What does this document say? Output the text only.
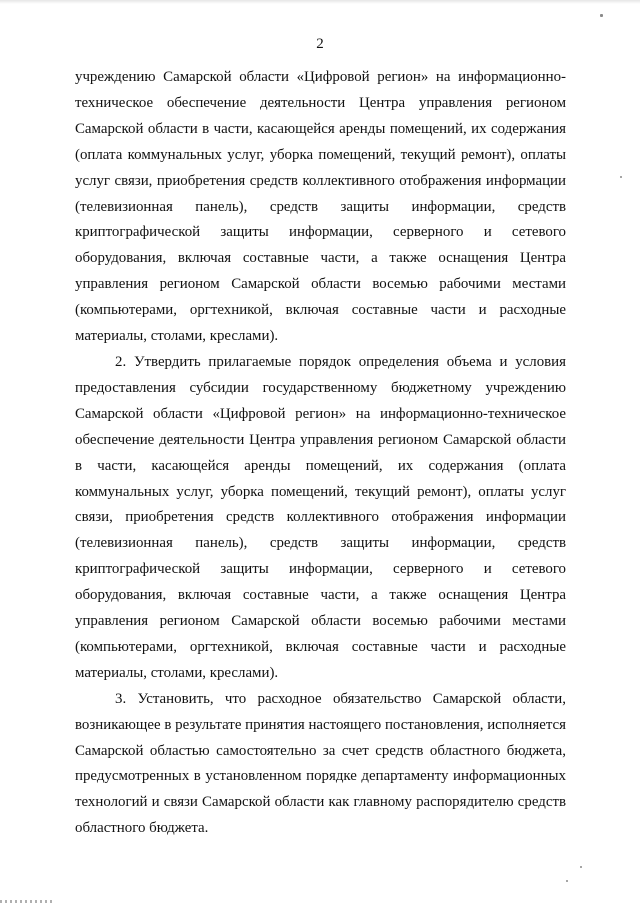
2

учреждению Самарской области «Цифровой регион» на информационно-техническое обеспечение деятельности Центра управления регионом Самарской области в части, касающейся аренды помещений, их содержания (оплата коммунальных услуг, уборка помещений, текущий ремонт), оплаты услуг связи, приобретения средств коллективного отображения информации (телевизионная панель), средств защиты информации, средств криптографической защиты информации, серверного и сетевого оборудования, включая составные части, а также оснащения Центра управления регионом Самарской области восемью рабочими местами (компьютерами, оргтехникой, включая составные части и расходные материалы, столами, креслами).

2. Утвердить прилагаемые порядок определения объема и условия предоставления субсидии государственному бюджетному учреждению Самарской области «Цифровой регион» на информационно-техническое обеспечение деятельности Центра управления регионом Самарской области в части, касающейся аренды помещений, их содержания (оплата коммунальных услуг, уборка помещений, текущий ремонт), оплаты услуг связи, приобретения средств коллективного отображения информации (телевизионная панель), средств защиты информации, средств криптографической защиты информации, серверного и сетевого оборудования, включая составные части, а также оснащения Центра управления регионом Самарской области восемью рабочими местами (компьютерами, оргтехникой, включая составные части и расходные материалы, столами, креслами).

3. Установить, что расходное обязательство Самарской области, возникающее в результате принятия настоящего постановления, исполняется Самарской областью самостоятельно за счет средств областного бюджета, предусмотренных в установленном порядке департаменту информационных технологий и связи Самарской области как главному распорядителю средств областного бюджета.
